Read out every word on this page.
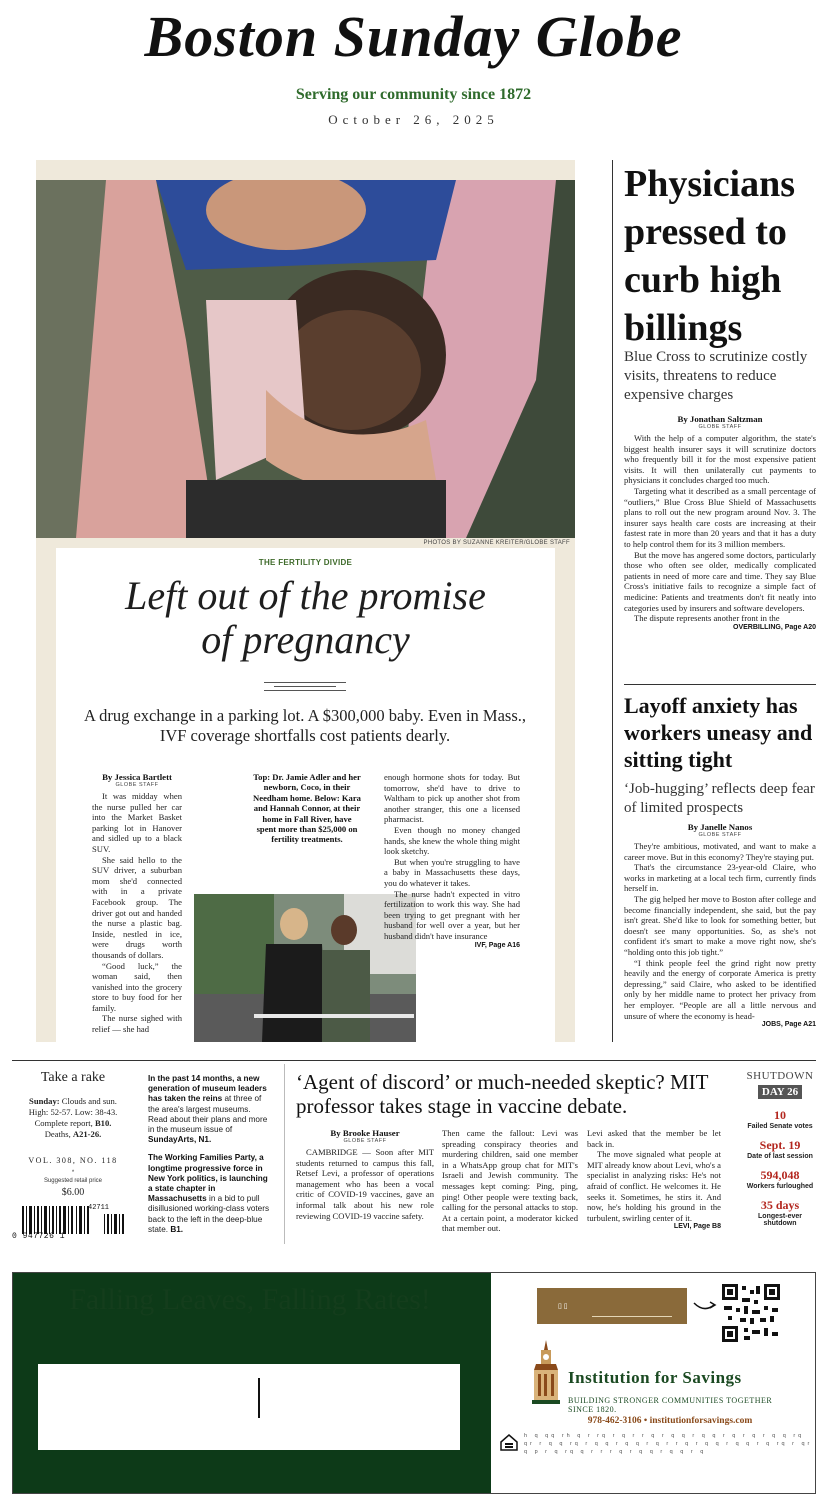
Boston Sunday Globe
Serving our community since 1872
October 26, 2025
PHOTOS BY SUZANNE KREITER/GLOBE STAFF
THE FERTILITY DIVIDE
Left out of the promise of pregnancy
A drug exchange in a parking lot. A $300,000 baby. Even in Mass., IVF coverage shortfalls cost patients dearly.
By Jessica Bartlett
GLOBE STAFF

It was midday when the nurse pulled her car into the Market Basket parking lot in Hanover and sidled up to a black SUV.

She said hello to the SUV driver, a suburban mom she'd connected with in a private Facebook group. The driver got out and handed the nurse a plastic bag. Inside, nestled in ice, were drugs worth thousands of dollars.

“Good luck,” the woman said, then vanished into the grocery store to buy food for her family.

The nurse sighed with relief — she had

Top: Dr. Jamie Adler and her newborn, Coco, in their Needham home. Below: Kara and Hannah Connor, at their home in Fall River, have spent more than $25,000 on fertility treatments.

enough hormone shots for today. But tomorrow, she'd have to drive to Waltham to pick up another shot from another stranger, this one a licensed pharmacist.

Even though no money changed hands, she knew the whole thing might look sketchy.

But when you're struggling to have a baby in Massachusetts these days, you do whatever it takes.

The nurse hadn't expected in vitro fertilization to work this way. She had been trying to get pregnant with her husband for well over a year, but her husband didn't have insurance

IVF, Page A16
Physicians pressed to curb high billings
Blue Cross to scrutinize costly visits, threatens to reduce expensive charges
By Jonathan Saltzman
GLOBE STAFF

With the help of a computer algorithm, the state's biggest health insurer says it will scrutinize doctors who frequently bill it for the most expensive patient visits. It will then unilaterally cut payments to physicians it concludes charged too much.

Targeting what it described as a small percentage of “outliers,” Blue Cross Blue Shield of Massachusetts plans to roll out the new program around Nov. 3. The insurer says health care costs are increasing at their fastest rate in more than 20 years and that it has a duty to help control them for its 3 million members.

But the move has angered some doctors, particularly those who often see older, medically complicated patients in need of more care and time. They say Blue Cross's initiative fails to recognize a simple fact of medicine: Patients and treatments don't fit neatly into categories used by insurers and software developers.

The dispute represents another front in the

OVERBILLING, Page A20
Layoff anxiety has workers uneasy and sitting tight
‘Job-hugging’ reflects deep fear of limited prospects
By Janelle Nanos
GLOBE STAFF

They're ambitious, motivated, and want to make a career move. But in this economy? They're staying put.

That's the circumstance 23-year-old Claire, who works in marketing at a local tech firm, currently finds herself in.

The gig helped her move to Boston after college and become financially independent, she said, but the pay isn't great. She'd like to look for something better, but doesn't see many opportunities. So, as she's not confident it's smart to make a move right now, she's “holding onto this job tight.”

“I think people feel the grind right now pretty heavily and the energy of corporate America is pretty depressing,” said Claire, who asked to be identified only by her middle name to protect her privacy from her employer. “People are all a little nervous and unsure of where the economy is head-

JOBS, Page A21
Take a rake
Sunday: Clouds and sun. High: 52-57. Low: 38-43.
Complete report, B10.
Deaths, A21-26.
VOL. 308, NO. 118
*
Suggested retail price
$6.00
42711
0 947726 1

In the past 14 months, a new generation of museum leaders has taken the reins at three of the area's largest museums. Read about their plans and more in the museum issue of SundayArts, N1.

The Working Families Party, a longtime progressive force in New York politics, is launching a state chapter in Massachusetts in a bid to pull disillusioned working-class voters back to the left in the deep-blue state. B1.

‘Agent of discord’ or much-needed skeptic? MIT professor takes stage in vaccine debate.
By Brooke Hauser
GLOBE STAFF

CAMBRIDGE — Soon after MIT students returned to campus this fall, Retsef Levi, a professor of operations management who has been a vocal critic of COVID-19 vaccines, gave an informal talk about his new role reviewing COVID-19 vaccine safety.

Then came the fallout: Levi was spreading conspiracy theories and murdering children, said one member in a WhatsApp group chat for MIT's Israeli and Jewish community. The messages kept coming: Ping, ping, ping! Other people were texting back, calling for the personal attacks to stop. At a certain point, a moderator kicked that member out.

Levi asked that the member be let back in.

The move signaled what people at MIT already know about Levi, who's a specialist in analyzing risks: He's not afraid of conflict. He welcomes it. He seeks it. Sometimes, he stirs it. And now, he's holding his ground in the turbulent, swirling center of it.

LEVI, Page B8
SHUTDOWN
DAY 26
10
Failed Senate votes
Sept. 19
Date of last session
594,048
Workers furloughed
35 days
Longest-ever shutdown
Falling Leaves, Falling Rates!	▯ ▯
Institution for Savings
BUILDING STRONGER COMMUNITIES TOGETHER SINCE 1820.
978-462-3106 • institutionforsavings.com
h q qq rh q r rq r q r r q r q q r q q r q r q r q q rq qr r q q rq r q q r q q r q r r q r q q r q q r q rq r qr q p r q rq q r r r q r q q r q q r q
